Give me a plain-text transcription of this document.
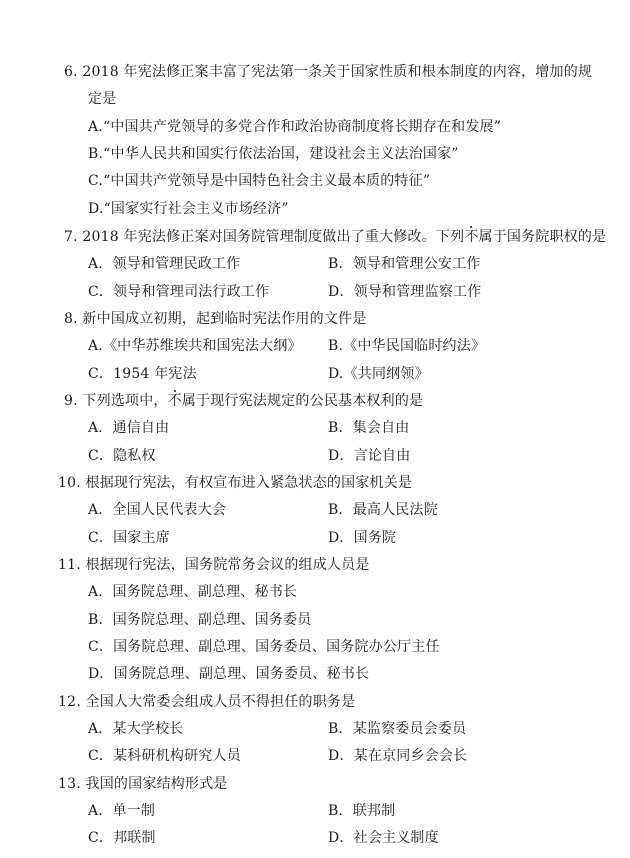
6. 2018 年宪法修正案丰富了宪法第一条关于国家性质和根本制度的内容，增加的规
定是
A.“中国共产党领导的多党合作和政治协商制度将长期存在和发展”
B.“中华人民共和国实行依法治国，建设社会主义法治国家”
C.“中国共产党领导是中国特色社会主义最本质的特征”
D.“国家实行社会主义市场经济”
7. 2018 年宪法修正案对国务院管理制度做出了重大修改。下列不属于国务院职权的是
A．领导和管理民政工作	B．领导和管理公安工作
C．领导和管理司法行政工作	D．领导和管理监察工作
8. 新中国成立初期，起到临时宪法作用的文件是
A.《中华苏维埃共和国宪法大纲》 B.《中华民国临时约法》
C．1954 年宪法	D.《共同纲领》
9. 下列选项中，不属于现行宪法规定的公民基本权利的是
A．通信自由	B．集会自由
C．隐私权	D．言论自由
10. 根据现行宪法，有权宣布进入紧急状态的国家机关是
A．全国人民代表大会	B．最高人民法院
C．国家主席	D．国务院
11. 根据现行宪法，国务院常务会议的组成人员是
A．国务院总理、副总理、秘书长
B．国务院总理、副总理、国务委员
C．国务院总理、副总理、国务委员、国务院办公厅主任
D．国务院总理、副总理、国务委员、秘书长
12. 全国人大常委会组成人员不得担任的职务是
A．某大学校长	B．某监察委员会委员
C．某科研机构研究人员	D．某在京同乡会会长
13. 我国的国家结构形式是
A．单一制	B．联邦制
C．邦联制	D．社会主义制度
